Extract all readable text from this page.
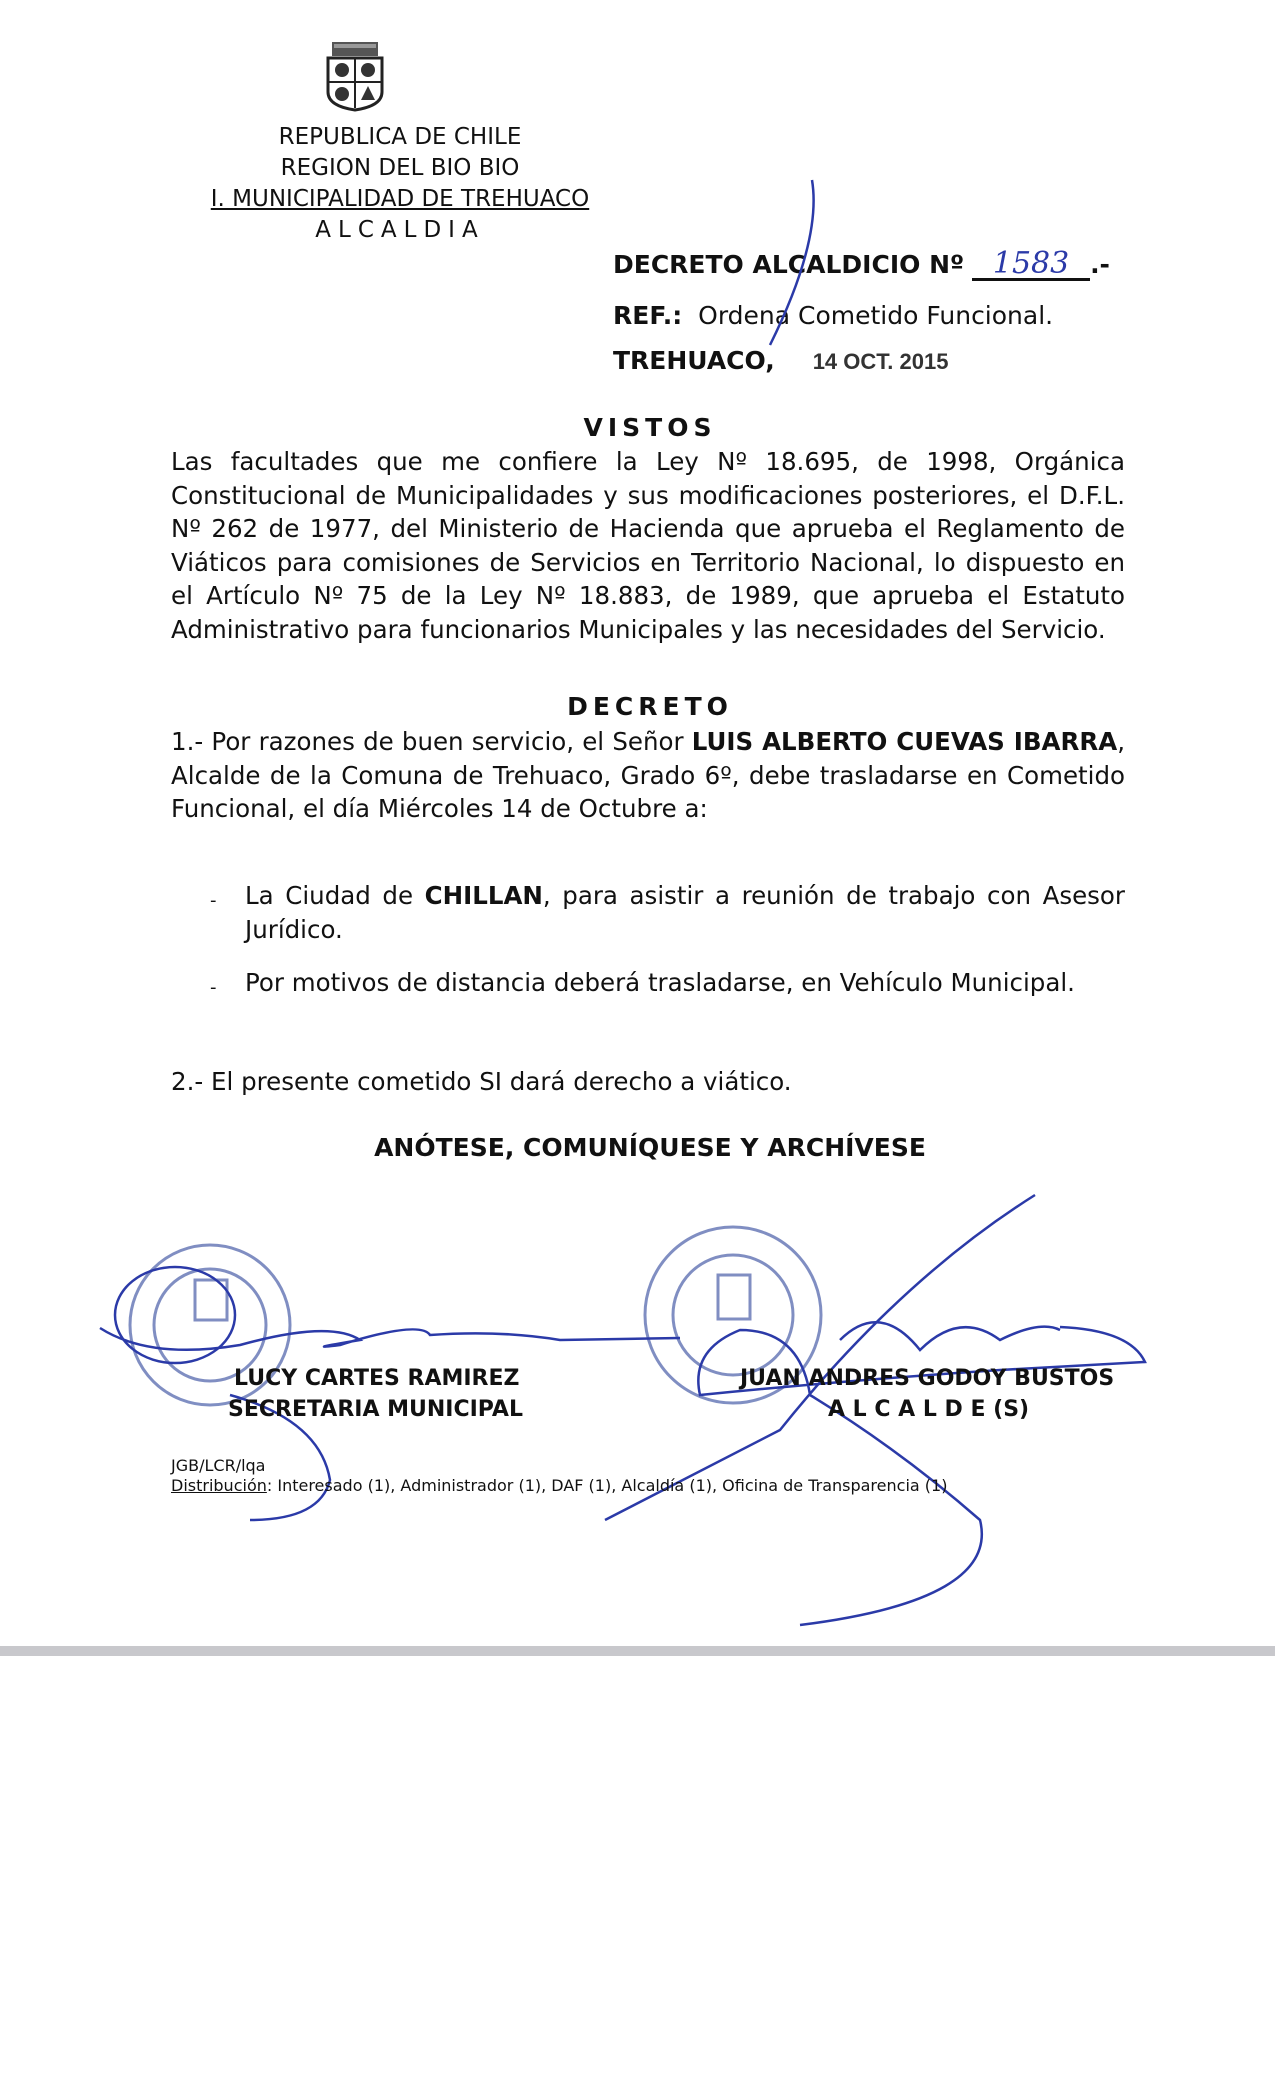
REPUBLICA DE CHILE
REGION DEL BIO BIO
I. MUNICIPALIDAD DE TREHUACO
ALCALDIA
DECRETO ALCALDICIO Nº 1583 .-
REF.: Ordena Cometido Funcional.
TREHUACO, 14 OCT. 2015
VISTOS
Las facultades que me confiere la Ley Nº 18.695, de 1998, Orgánica Constitucional de Municipalidades y sus modificaciones posteriores, el D.F.L. Nº 262 de 1977, del Ministerio de Hacienda que aprueba el Reglamento de Viáticos para comisiones de Servicios en Territorio Nacional, lo dispuesto en el Artículo Nº 75 de la Ley Nº 18.883, de 1989, que aprueba el Estatuto Administrativo para funcionarios Municipales y las necesidades del Servicio.
DECRETO
1.- Por razones de buen servicio, el Señor LUIS ALBERTO CUEVAS IBARRA, Alcalde de la Comuna de Trehuaco, Grado 6º, debe trasladarse en Cometido Funcional, el día Miércoles 14 de Octubre a:
- La Ciudad de CHILLAN, para asistir a reunión de trabajo con Asesor Jurídico.
- Por motivos de distancia deberá trasladarse, en Vehículo Municipal.
2.- El presente cometido SI dará derecho a viático.
ANÓTESE, COMUNÍQUESE Y ARCHÍVESE
LUCY CARTES RAMIREZ
SECRETARIA MUNICIPAL
JUAN ANDRES GODOY BUSTOS
A L C A L D E (S)
JGB/LCR/lqa
Distribución: Interesado (1), Administrador (1), DAF (1), Alcaldía (1), Oficina de Transparencia (1)
